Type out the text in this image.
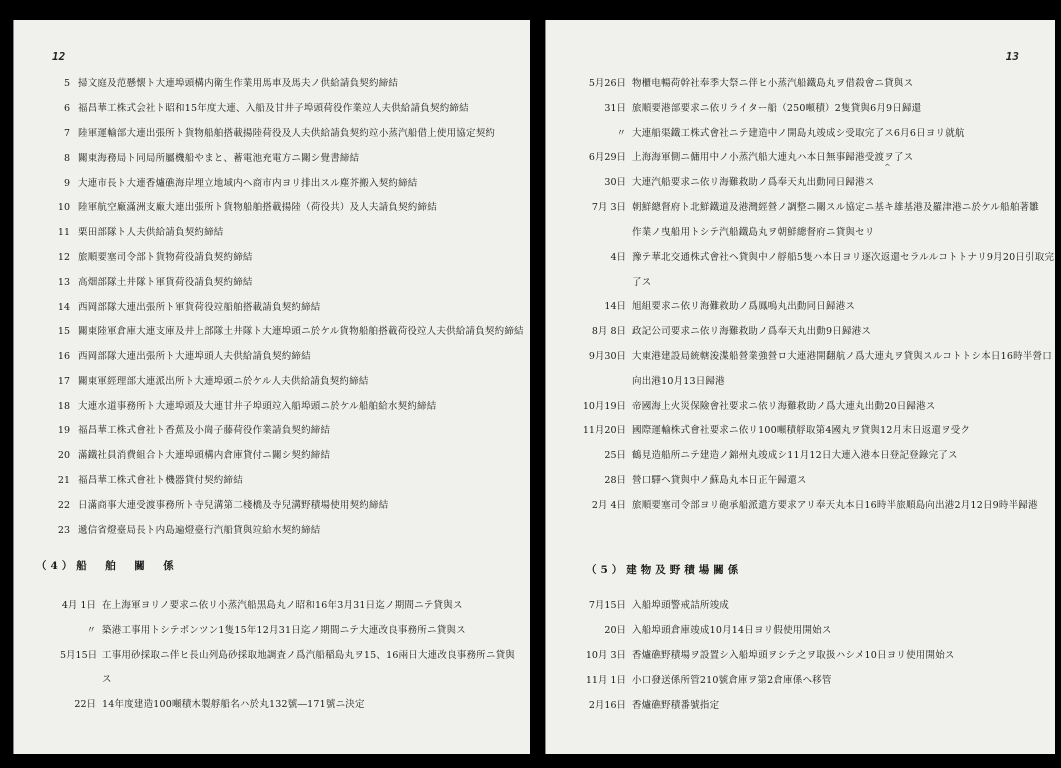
12
5 掃文庭及范懸懐ト大連埠頭構内衛生作業用馬車及馬夫ノ供給請負契約締結
6 福昌華工株式会社ト昭和15年度大連、入船及甘井子埠頭荷役作業竝人夫供給請負契約締結
7 陸軍運輸部大連出張所ト貨物船舶搭載揚陸荷役及人夫供給請負契約竝小蒸汽船借上使用協定契約
8 關東海務局ト同局所屬機船やまと、蓄電池充電方ニ關シ覺書締結
9 大連市長ト大連香爐礁海岸埋立地域内ヘ商市内ヨリ排出スル塵芥搬入契約締結
10 陸軍航空廠滿洲支廠大連出張所ト貨物船舶搭載揚陸（荷役共）及人夫請負契約締結
11 栗田部隊ト人夫供給請負契約締結
12 旅順要塞司令部ト貨物荷役請負契約締結
13 高畑部隊土井隊ト軍貨荷役請負契約締結
14 西岡部隊大連出張所ト軍貨荷役竝船舶搭載請負契約締結
15 關東陸軍倉庫大連支庫及井上部隊土井隊ト大連埠頭ニ於ケル貨物船舶搭載荷役竝人夫供給請負契約締結
16 西岡部隊大連出張所ト大連埠頭人夫供給請負契約締結
17 關東軍經理部大連派出所ト大連埠頭ニ於ケル人夫供給請負契約締結
18 大連水道事務所ト大連埠頭及大連甘井子埠頭竝入船埠頭ニ於ケル船舶給水契約締結
19 福昌華工株式會社ト香蕉及小崗子藤荷役作業請負契約締結
20 滿鐵社員消費組合ト大連埠頭構内倉庫貸付ニ關シ契約締結
21 福昌華工株式會社ト機器貸付契約締結
22 日滿商事大連受渡事務所ト寺兒溝第二棧橋及寺兒溝野積場使用契約締結
23 遞信省燈臺局長ト内島遍燈臺行汽船貸與竝給水契約締結
（4）船　舶　關　係
4月 1日 在上海軍ヨリノ要求ニ依リ小蒸汽船黒島丸ノ昭和16年3月31日迄ノ期間ニテ貸與ス
〃 築港工事用トシテポンツン1隻15年12月31日迄ノ期間ニテ大連改良事務所ニ貸與ス
5月15日 工事用砂採取ニ伴ヒ長山列島砂採取地調査ノ爲汽船稲島丸ヲ15、16兩日大連改良事務所ニ貸與
ス
22日 14年度建造100噸積木製艀船名ハ於丸132號―171號ニ決定
13
5月26日 物櫃电暢荷幹社奉季大祭ニ伴ヒ小蒸汽船鐵島丸ヲ借殺會ニ貸與ス
31日 旅順要港部要求ニ依リライター船（250噸積）2隻貸與6月9日歸還
〃 大連船渠鐵工株式會社ニテ建造中ノ開島丸竣成シ受取完了ス6月6日ヨリ就航
6月29日 上海海軍側ニ傭用中ノ小蒸汽船大連丸ハ本日無事歸港受渡ヲ了ス
^
30日 大連汽船要求ニ依リ海難救助ノ爲奉天丸出動同日歸港ス
7月 3日 朝鮮總督府ト北鮮鐵道及港灣經營ノ調整ニ關スル協定ニ基キ雄基港及羅津港ニ於ケル船舶著雛
作業ノ曳船用トシテ汽船鐵島丸ヲ朝鮮總督府ニ貸與セリ
4日 豫テ華北交通株式會社ヘ貸與中ノ艀船5隻ハ本日ヨリ逐次返還セラルルコトトナリ9月20日引取完
了ス
14日 旭組要求ニ依リ海難救助ノ爲鳳鳴丸出動同日歸港ス
8月 8日 政記公司要求ニ依リ海難救助ノ爲奉天丸出動9日歸港ス
9月30日 大東港建設局統轄浚渫船營業強營ロ大連港開翻航ノ爲大連丸ヲ貸與スルコトトシ本日16時半營口
向出港10月13日歸港
10月19日 帝國海上火災保險會社要求ニ依リ海難救助ノ爲大連丸出動20日歸港ス
11月20日 國際運輸株式會社要求ニ依リ100噸積艀取第4國丸ヲ貸與12月末日返還ヲ受ク
25日 鶴見造船所ニテ建造ノ錦州丸竣成シ11月12日大連入港本日登記登錄完了ス
28日 營口驛ヘ貸與中ノ蘇島丸本日正午歸還ス
2月 4日 旅順要塞司令部ヨリ砲承船派遣方要求アリ奉天丸本日16時半旅順島向出港2月12日9時半歸港
（5）建物及野積場關係
7月15日 入船埠頭警戒詰所竣成
20日 入船埠頭倉庫竣成10月14日ヨリ假使用開始ス
10月 3日 香爐礁野積場ヲ設置シ入船埠頭ヲシテ之ヲ取扱ハシメ10日ヨリ使用開始ス
11月 1日 小口發送係所管210號倉庫ヲ第2倉庫係ヘ移管
2月16日 香爐礁野積番號指定
